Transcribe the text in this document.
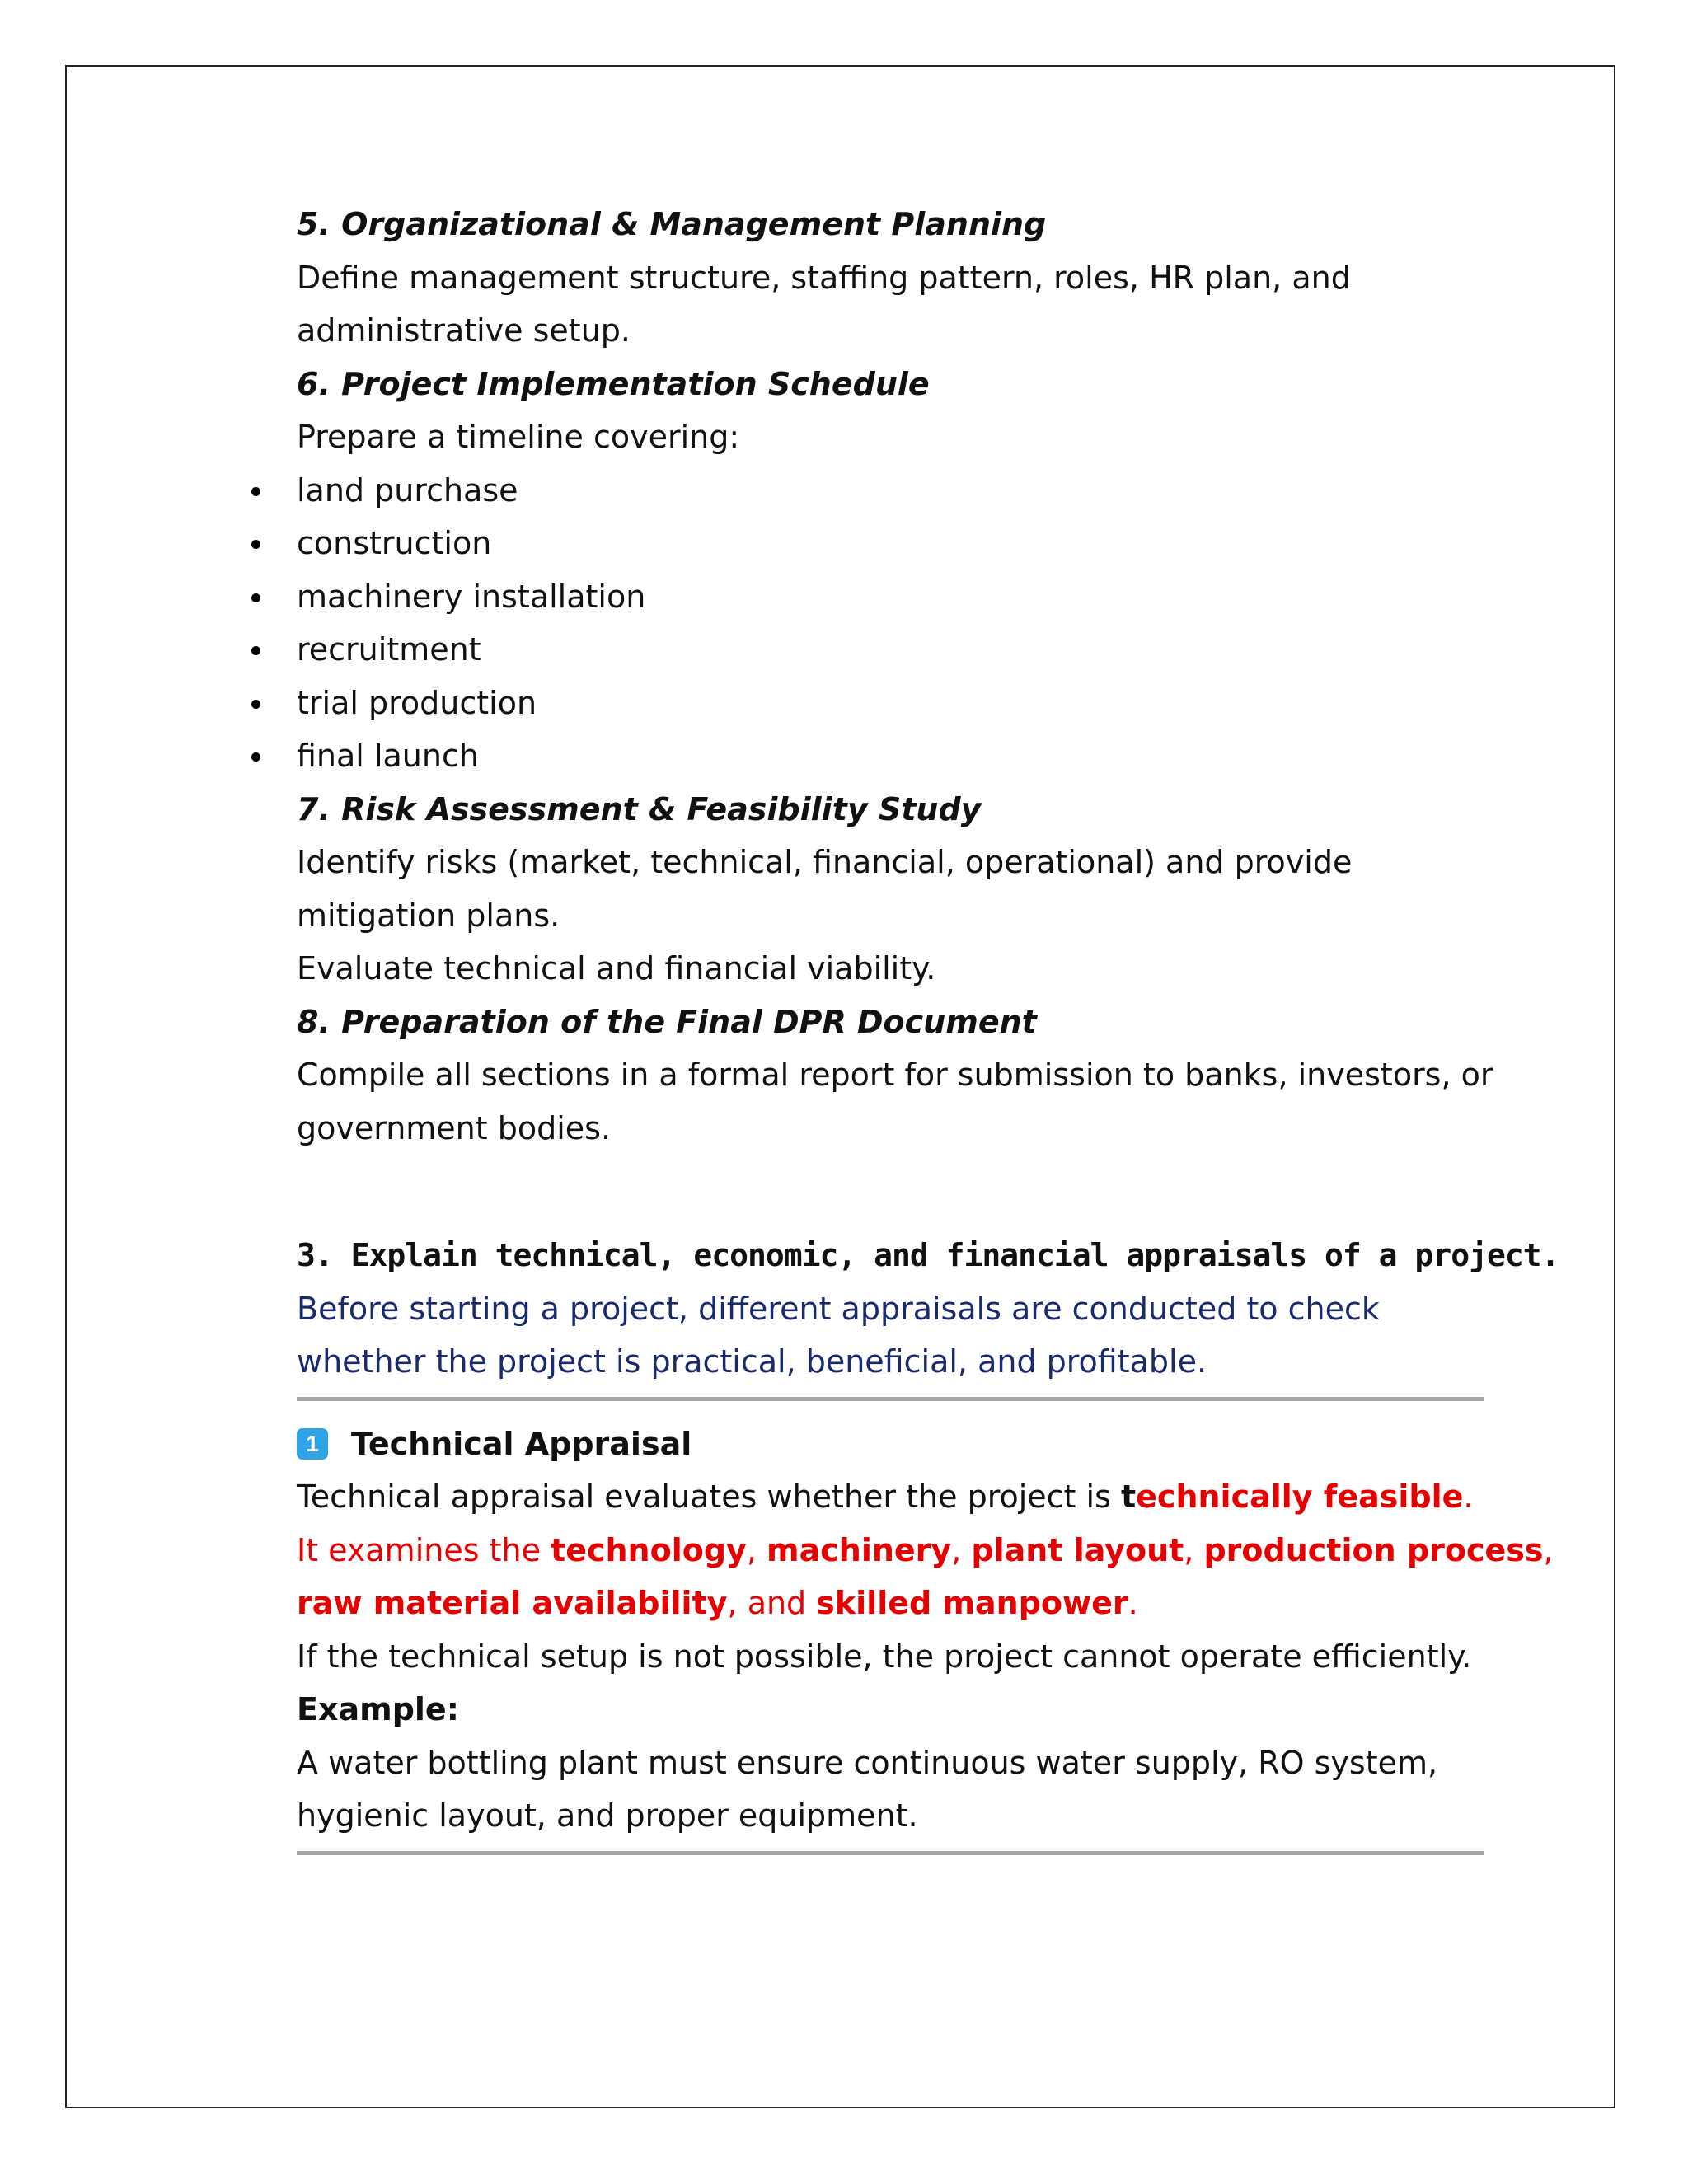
5. Organizational & Management Planning
Define management structure, staffing pattern, roles, HR plan, and
administrative setup.
6. Project Implementation Schedule
Prepare a timeline covering:
land purchase
construction
machinery installation
recruitment
trial production
final launch
7. Risk Assessment & Feasibility Study
Identify risks (market, technical, financial, operational) and provide
mitigation plans.
Evaluate technical and financial viability.
8. Preparation of the Final DPR Document
Compile all sections in a formal report for submission to banks, investors, or
government bodies.
3. Explain technical, economic, and financial appraisals of a project.
Before starting a project, different appraisals are conducted to check
whether the project is practical, beneficial, and profitable.
1 Technical Appraisal
Technical appraisal evaluates whether the project is technically feasible.
It examines the technology, machinery, plant layout, production process,
raw material availability, and skilled manpower.
If the technical setup is not possible, the project cannot operate efficiently.
Example:
A water bottling plant must ensure continuous water supply, RO system,
hygienic layout, and proper equipment.
